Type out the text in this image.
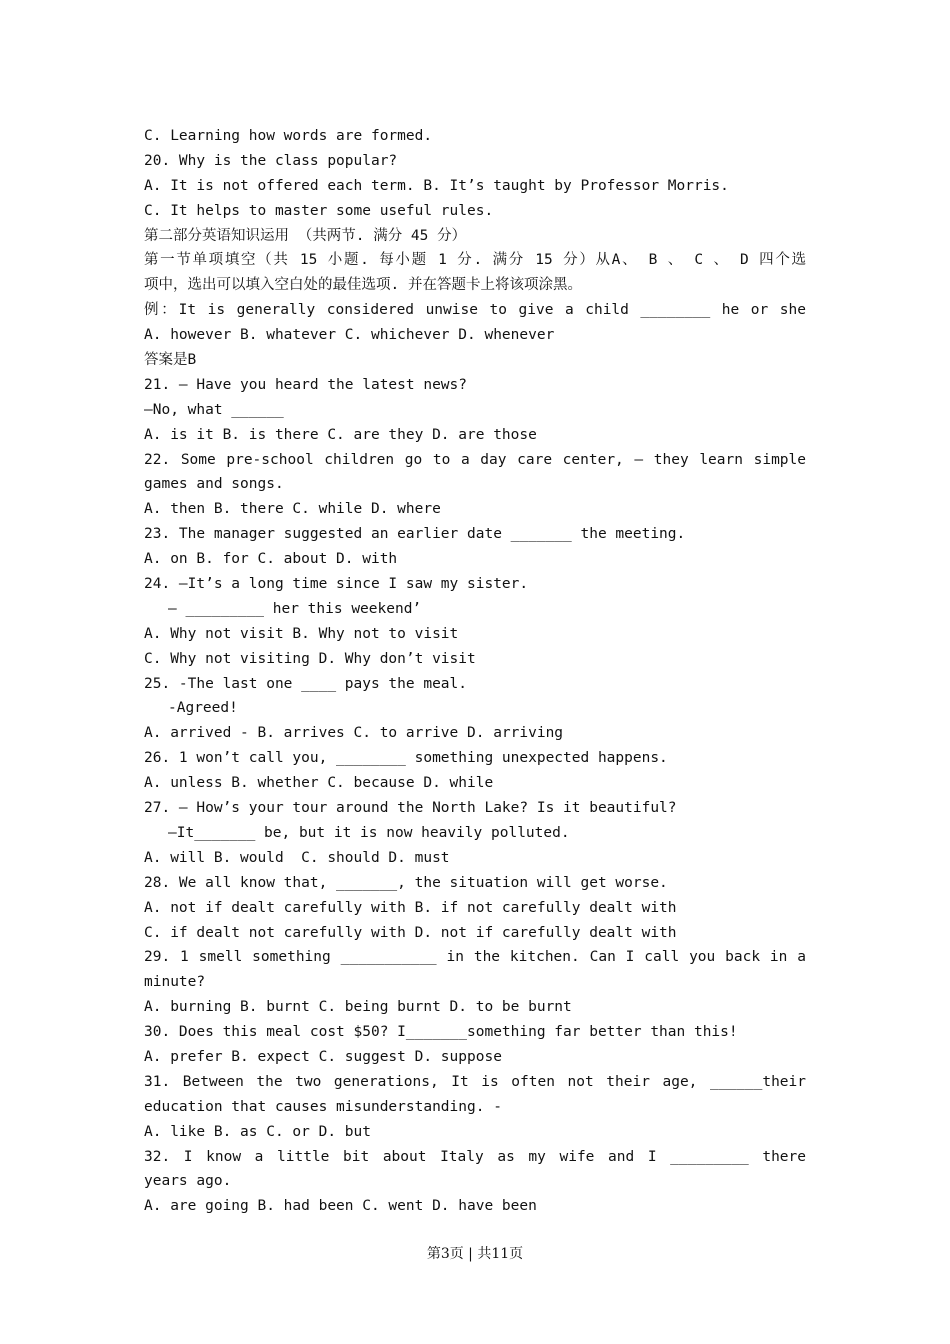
C. Learning how words are formed.
20. Why is the class popular?
A. It is not offered each term. B. It’s taught by Professor Morris.
C. It helps to master some useful rules.
第二部分英语知识运用 （共两节. 满分 45 分）
第一节单项填空（共 15 小题. 每小题 1 分. 满分 15 分）从A、 B 、 C 、 D 四个选
项中，选出可以填入空白处的最佳选项. 并在答题卡上将该项涂黑。
例：It is generally considered unwise to give a child ________ he or she
A. however B. whatever C. whichever D. whenever
答案是B
21. — Have you heard the latest news?
—No, what ______
A. is it B. is there C. are they D. are those
22. Some pre-school children go to a day care center, — they learn simple
games and songs.
A. then B. there C. while D. where
23. The manager suggested an earlier date _______ the meeting.
A. on B. for C. about D. with
24. —It’s a long time since I saw my sister.
— _________ her this weekend’
A. Why not visit B. Why not to visit
C. Why not visiting D. Why don’t visit
25. -The last one ____ pays the meal.
-Agreed!
A. arrived - B. arrives C. to arrive D. arriving
26. 1 won’t call you, ________ something unexpected happens.
A. unless B. whether C. because D. while
27. — How’s your tour around the North Lake? Is it beautiful?
—It_______ be, but it is now heavily polluted.
A. will B. would  C. should D. must
28. We all know that, _______, the situation will get worse.
A. not if dealt carefully with B. if not carefully dealt with
C. if dealt not carefully with D. not if carefully dealt with
29. 1 smell something ___________ in the kitchen. Can I call you back in a
minute?
A. burning B. burnt C. being burnt D. to be burnt
30. Does this meal cost $50? I_______something far better than this!
A. prefer B. expect C. suggest D. suppose
31. Between the two generations, It is often not their age, ______their
education that causes misunderstanding. -
A. like B. as C. or D. but
32. I know a little bit about Italy as my wife and I _________ there
years ago.
A. are going B. had been C. went D. have been
第3页 | 共11页
